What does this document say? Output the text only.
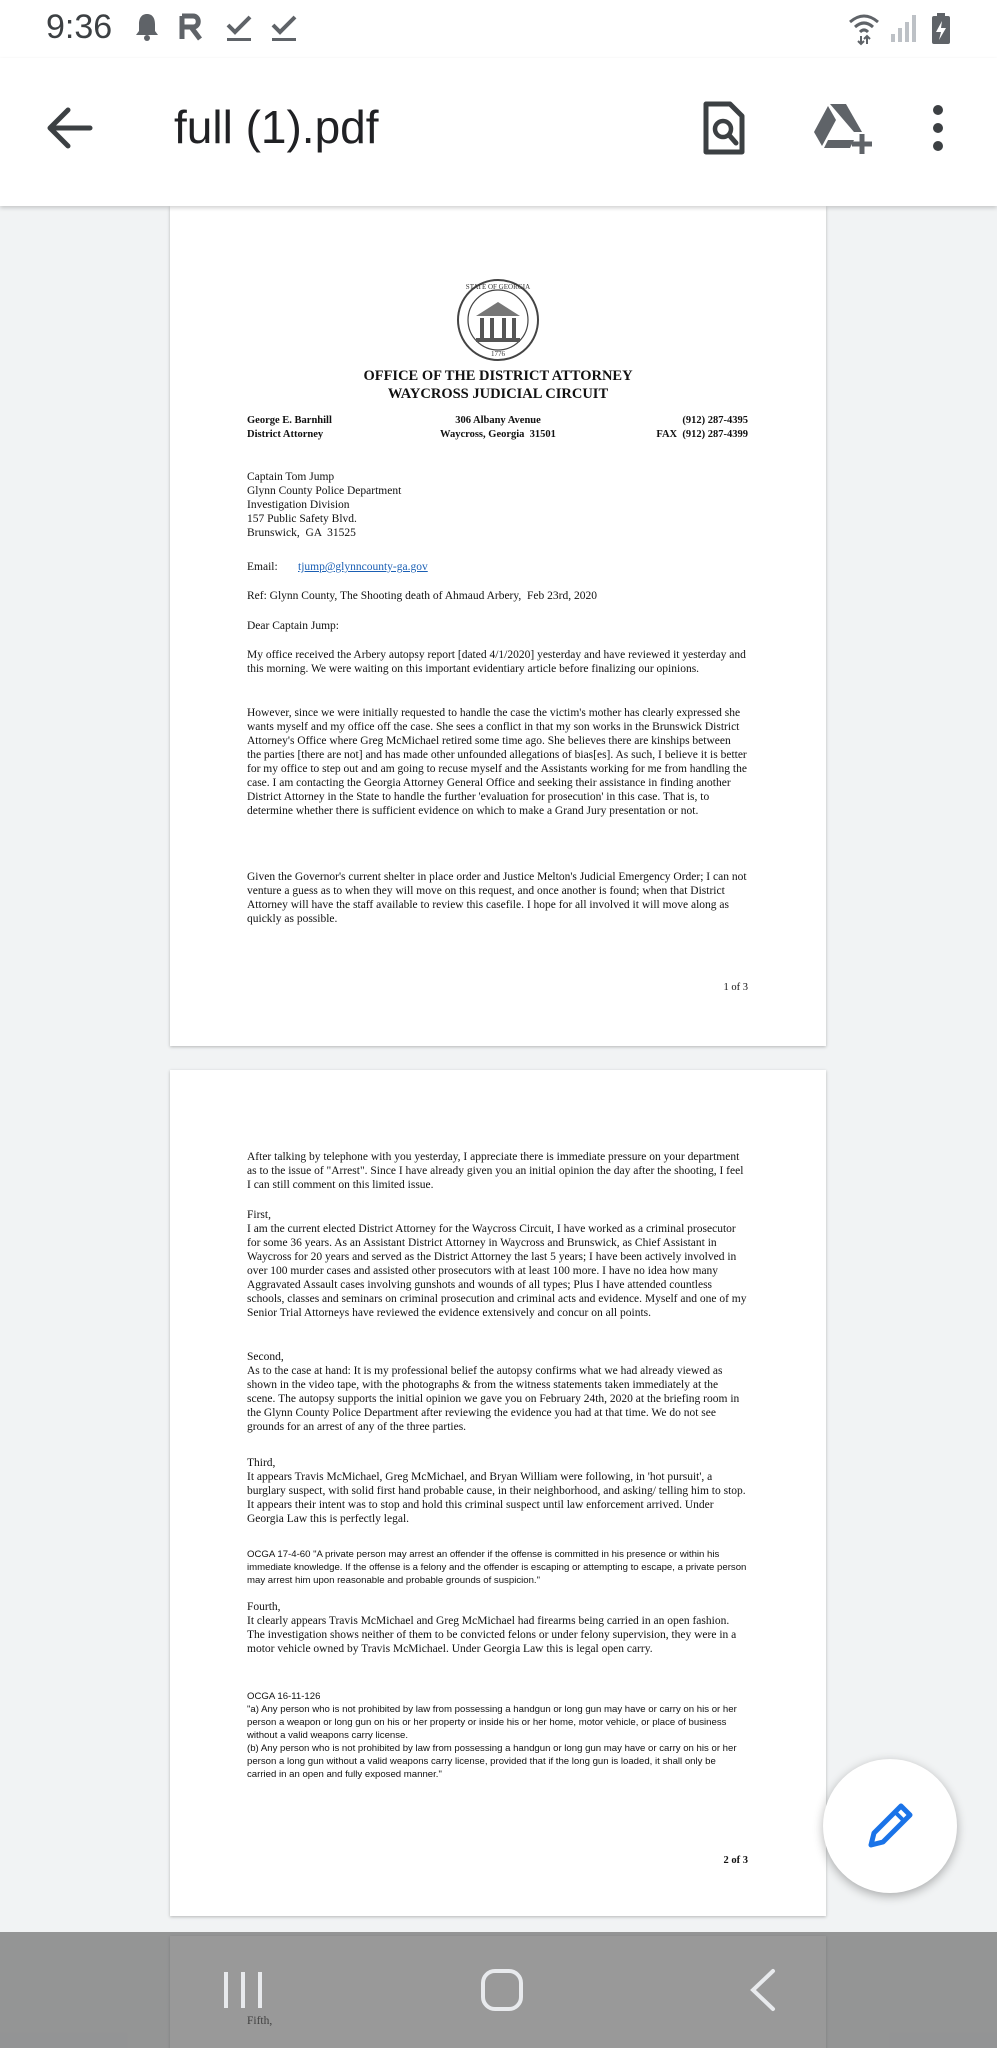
9:36
full (1).pdf
STATE OF GEORGIA
1776
OFFICE OF THE DISTRICT ATTORNEY
WAYCROSS JUDICIAL CIRCUIT
George E. Barnhill
District Attorney
306 Albany Avenue
Waycross, Georgia  31501
(912) 287-4395
FAX  (912) 287-4399
Captain Tom Jump
Glynn County Police Department
Investigation Division
157 Public Safety Blvd.
Brunswick,  GA  31525
Email: tjump@glynncounty-ga.gov
Ref: Glynn County, The Shooting death of Ahmaud Arbery,  Feb 23rd, 2020
Dear Captain Jump:
My office received the Arbery autopsy report [dated 4/1/2020] yesterday and have reviewed it yesterday and this morning. We were waiting on this important evidentiary article before finalizing our opinions.
However, since we were initially requested to handle the case the victim's mother has clearly expressed she wants myself and my office off the case. She sees a conflict in that my son works in the Brunswick District Attorney's Office where Greg McMichael retired some time ago. She believes there are kinships between the parties [there are not] and has made other unfounded allegations of bias[es]. As such, I believe it is better for my office to step out and am going to recuse myself and the Assistants working for me from handling the case. I am contacting the Georgia Attorney General Office and seeking their assistance in finding another District Attorney in the State to handle the further 'evaluation for prosecution' in this case. That is, to determine whether there is sufficient evidence on which to make a Grand Jury presentation or not.
Given the Governor's current shelter in place order and Justice Melton's Judicial Emergency Order; I can not venture a guess as to when they will move on this request, and once another is found; when that District Attorney will have the staff available to review this casefile. I hope for all involved it will move along as quickly as possible.
1 of 3
After talking by telephone with you yesterday, I appreciate there is immediate pressure on your department as to the issue of "Arrest". Since I have already given you an initial opinion the day after the shooting, I feel I can still comment on this limited issue.
First,
I am the current elected District Attorney for the Waycross Circuit, I have worked as a criminal prosecutor for some 36 years. As an Assistant District Attorney in Waycross and Brunswick, as Chief Assistant in Waycross for 20 years and served as the District Attorney the last 5 years; I have been actively involved in over 100 murder cases and assisted other prosecutors with at least 100 more. I have no idea how many Aggravated Assault cases involving gunshots and wounds of all types; Plus I have attended countless schools, classes and seminars on criminal prosecution and criminal acts and evidence. Myself and one of my Senior Trial Attorneys have reviewed the evidence extensively and concur on all points.
Second,
As to the case at hand: It is my professional belief the autopsy confirms what we had already viewed as shown in the video tape, with the photographs & from the witness statements taken immediately at the scene. The autopsy supports the initial opinion we gave you on February 24th, 2020 at the briefing room in the Glynn County Police Department after reviewing the evidence you had at that time. We do not see grounds for an arrest of any of the three parties.
Third,
It appears Travis McMichael, Greg McMichael, and Bryan William were following, in 'hot pursuit', a burglary suspect, with solid first hand probable cause, in their neighborhood, and asking/ telling him to stop. It appears their intent was to stop and hold this criminal suspect until law enforcement arrived. Under Georgia Law this is perfectly legal.
OCGA 17-4-60 "A private person may arrest an offender if the offense is committed in his presence or within his immediate knowledge. If the offense is a felony and the offender is escaping or attempting to escape, a private person may arrest him upon reasonable and probable grounds of suspicion."
Fourth,
It clearly appears Travis McMichael and Greg McMichael had firearms being carried in an open fashion. The investigation shows neither of them to be convicted felons or under felony supervision, they were in a motor vehicle owned by Travis McMichael. Under Georgia Law this is legal open carry.
OCGA 16-11-126
"a) Any person who is not prohibited by law from possessing a handgun or long gun may have or carry on his or her person a weapon or long gun on his or her property or inside his or her home, motor vehicle, or place of business without a valid weapons carry license.
(b) Any person who is not prohibited by law from possessing a handgun or long gun may have or carry on his or her person a long gun without a valid weapons carry license, provided that if the long gun is loaded, it shall only be carried in an open and fully exposed manner."
2 of 3
